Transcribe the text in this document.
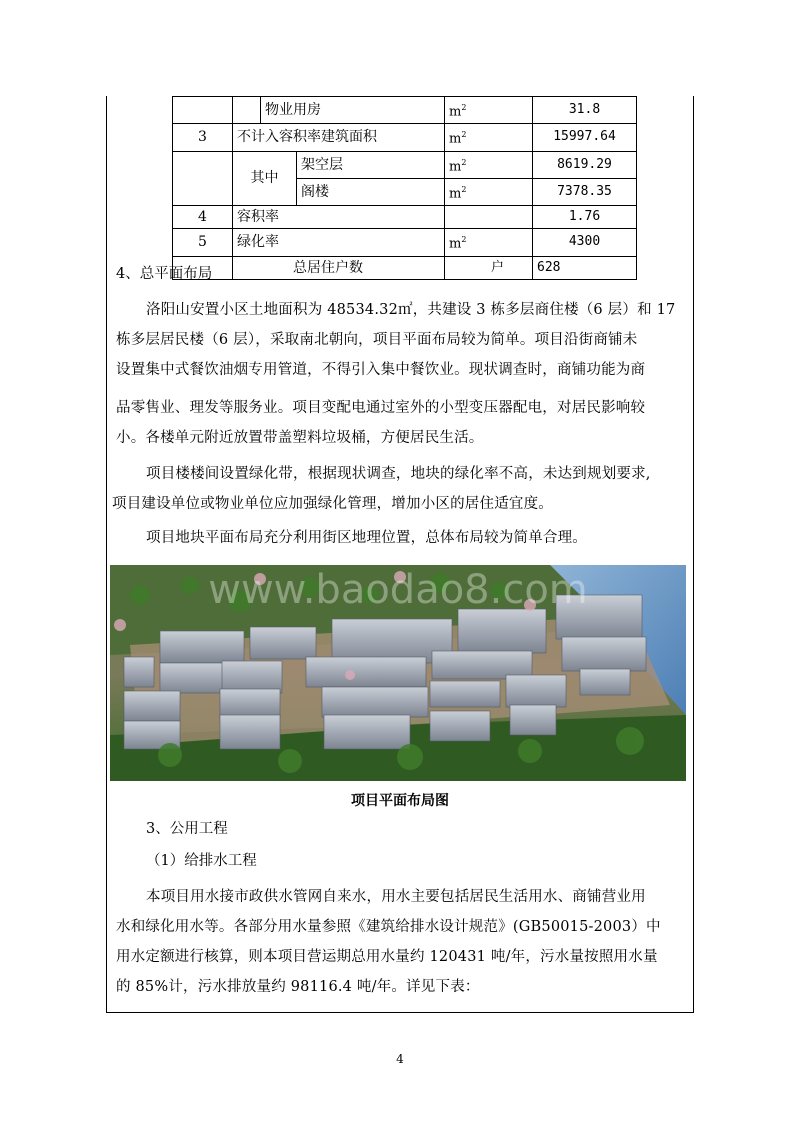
		物业用房		$m^2$	31.8
3	不计入容积率建筑面积			$m^2$	15997.64
	其中		架空层	$m^2$	8619.29
			阁楼	$m^2$	7378.35
4	容积率				1.76
5	绿化率			$m^2$	4300
	总居住户数			户	628
4、总平面布局
洛阳山安置小区土地面积为 48534.32㎡，共建设 3 栋多层商住楼（6 层）和 17
栋多层居民楼（6 层），采取南北朝向，项目平面布局较为简单。项目沿街商铺未
设置集中式餐饮油烟专用管道，不得引入集中餐饮业。现状调查时，商铺功能为商
品零售业、理发等服务业。项目变配电通过室外的小型变压器配电，对居民影响较
小。各楼单元附近放置带盖塑料垃圾桶，方便居民生活。
项目楼楼间设置绿化带，根据现状调查，地块的绿化率不高，未达到规划要求,
项目建设单位或物业单位应加强绿化管理，增加小区的居住适宜度。
项目地块平面布局充分利用街区地理位置，总体布局较为简单合理。
www.baodao8.com
项目平面布局图
3、公用工程
（1）给排水工程
本项目用水接市政供水管网自来水，用水主要包括居民生活用水、商铺营业用
水和绿化用水等。各部分用水量参照《建筑给排水设计规范》(GB50015-2003）中
用水定额进行核算，则本项目营运期总用水量约 120431 吨/年，污水量按照用水量
的 85%计，污水排放量约 98116.4 吨/年。详见下表：
4
